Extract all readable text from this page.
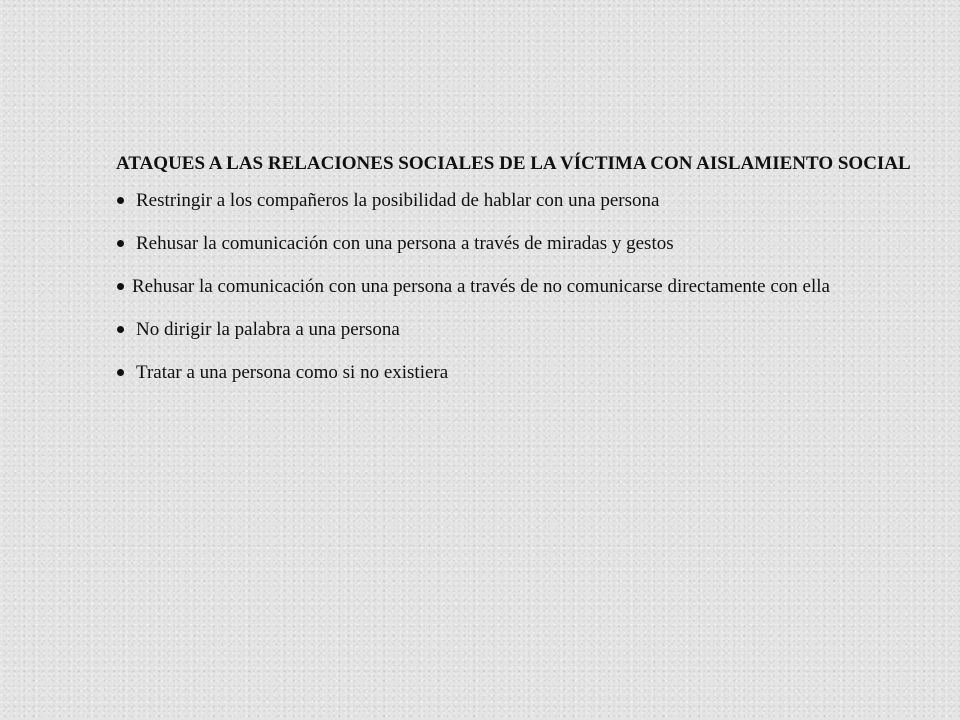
ATAQUES A LAS RELACIONES SOCIALES DE LA VÍCTIMA CON AISLAMIENTO SOCIAL
Restringir a los compañeros la posibilidad de hablar con una persona
Rehusar la comunicación con una persona a través de miradas y gestos
Rehusar la comunicación con una persona a través de no comunicarse directamente con ella
No dirigir la palabra a una persona
Tratar a una persona como si no existiera
